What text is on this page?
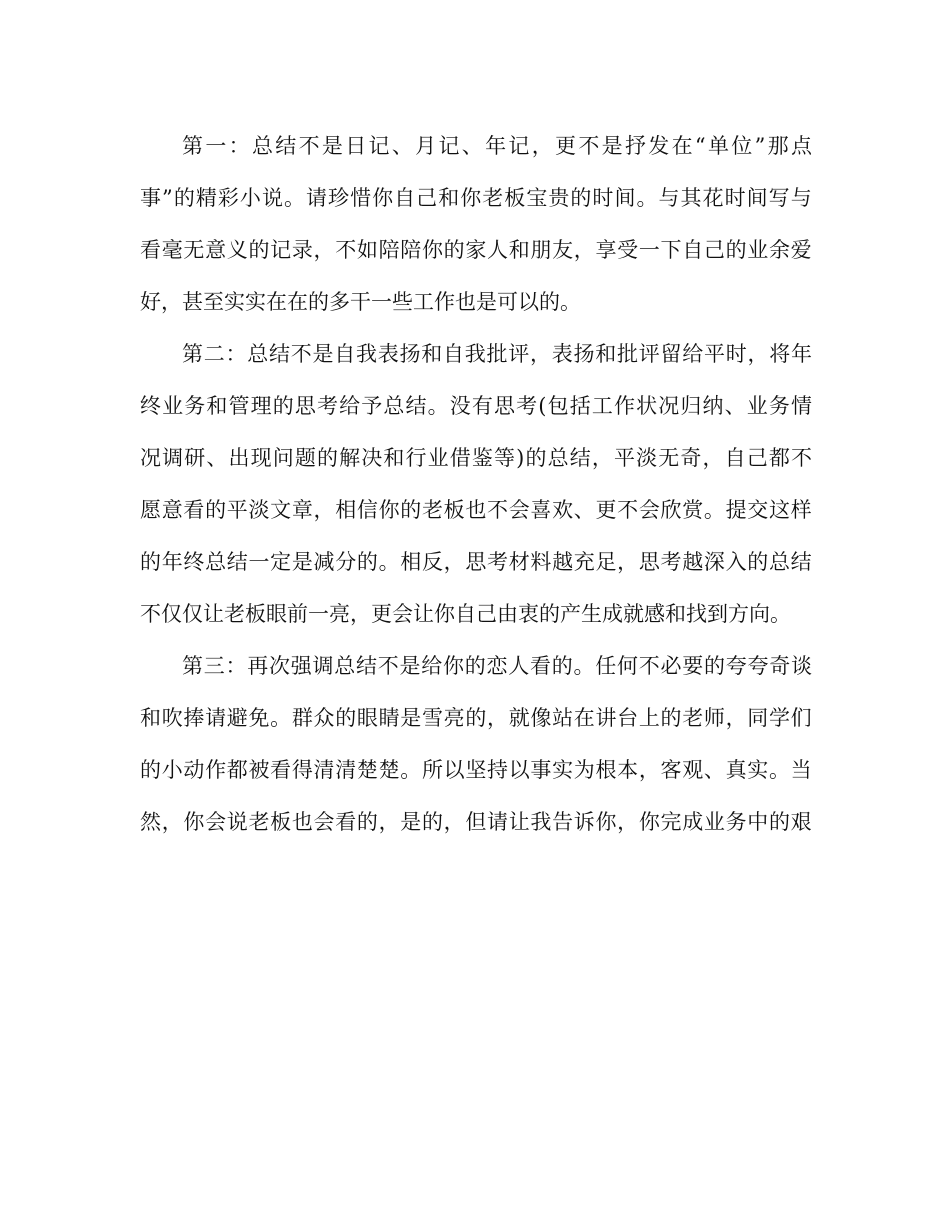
第 一 ： 总 结 不 是 日 记 、 月 记 、 年 记 ， 更 不 是 抒 发 在 “ 单 位 ” 那 点
事 ” 的 精 彩 小 说 。 请 珍 惜 你 自 己 和 你 老 板 宝 贵 的 时 间 。 与 其 花 时 间 写 与
看 毫 无 意 义 的 记 录 ， 不 如 陪 陪 你 的 家 人 和 朋 友 ， 享 受 一 下 自 己 的 业 余 爱
好 ， 甚 至 实 实 在 在 的 多 干 一 些 工 作 也 是 可 以 的 。
第 二 ： 总 结 不 是 自 我 表 扬 和 自 我 批 评 ， 表 扬 和 批 评 留 给 平 时 ， 将 年
终 业 务 和 管 理 的 思 考 给 予 总 结 。 没 有 思 考 ( 包 括 工 作 状 况 归 纳 、 业 务 情
况 调 研 、 出 现 问 题 的 解 决 和 行 业 借 鉴 等 ) 的 总 结 ， 平 淡 无 奇 ， 自 己 都 不
愿 意 看 的 平 淡 文 章 ， 相 信 你 的 老 板 也 不 会 喜 欢 、 更 不 会 欣 赏 。 提 交 这 样
的 年 终 总 结 一 定 是 减 分 的 。 相 反 ， 思 考 材 料 越 充 足 ， 思 考 越 深 入 的 总 结
不 仅 仅 让 老 板 眼 前 一 亮 ， 更 会 让 你 自 己 由 衷 的 产 生 成 就 感 和 找 到 方 向 。
第 三 ： 再 次 强 调 总 结 不 是 给 你 的 恋 人 看 的 。 任 何 不 必 要 的 夸 夸 奇 谈
和 吹 捧 请 避 免 。 群 众 的 眼 睛 是 雪 亮 的 ， 就 像 站 在 讲 台 上 的 老 师 ， 同 学 们
的 小 动 作 都 被 看 得 清 清 楚 楚 。 所 以 坚 持 以 事 实 为 根 本 ， 客 观 、 真 实 。 当
然 ， 你 会 说 老 板 也 会 看 的 ， 是 的 ， 但 请 让 我 告 诉 你 ， 你 完 成 业 务 中 的 艰
